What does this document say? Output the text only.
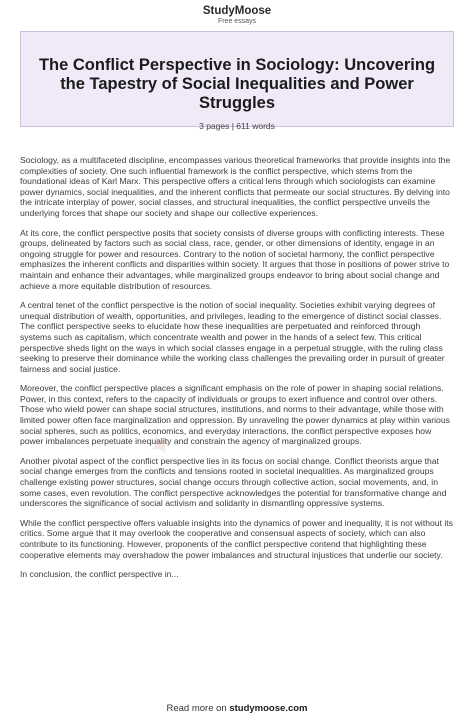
StudyMoose
Free essays
The Conflict Perspective in Sociology: Uncovering the Tapestry of Social Inequalities and Power Struggles
3 pages | 611 words

Sociology, as a multifaceted discipline, encompasses various theoretical frameworks that provide insights into the complexities of society. One such influential framework is the conflict perspective, which stems from the foundational ideas of Karl Marx. This perspective offers a critical lens through which sociologists can examine power dynamics, social inequalities, and the inherent conflicts that permeate our social structures. By delving into the intricate interplay of power, social classes, and structural inequalities, the conflict perspective unveils the underlying forces that shape our society and shape our collective experiences.

At its core, the conflict perspective posits that society consists of diverse groups with conflicting interests. These groups, delineated by factors such as social class, race, gender, or other dimensions of identity, engage in an ongoing struggle for power and resources. Contrary to the notion of societal harmony, the conflict perspective emphasizes the inherent conflicts and disparities within society. It argues that those in positions of power strive to maintain and enhance their advantages, while marginalized groups endeavor to bring about social change and achieve a more equitable distribution of resources.

A central tenet of the conflict perspective is the notion of social inequality. Societies exhibit varying degrees of unequal distribution of wealth, opportunities, and privileges, leading to the emergence of distinct social classes. The conflict perspective seeks to elucidate how these inequalities are perpetuated and reinforced through systems such as capitalism, which concentrate wealth and power in the hands of a select few. This critical perspective sheds light on the ways in which social classes engage in a perpetual struggle, with the ruling class seeking to preserve their dominance while the working class challenges the prevailing order in pursuit of greater fairness and social justice.

Moreover, the conflict perspective places a significant emphasis on the role of power in shaping social relations. Power, in this context, refers to the capacity of individuals or groups to exert influence and control over others. Those who wield power can shape social structures, institutions, and norms to their advantage, while those with limited power often face marginalization and oppression. By unraveling the power dynamics at play within various social spheres, such as politics, economics, and everyday interactions, the conflict perspective exposes how power imbalances perpetuate inequality and constrain the agency of marginalized groups.

Another pivotal aspect of the conflict perspective lies in its focus on social change. Conflict theorists argue that social change emerges from the conflicts and tensions rooted in societal inequalities. As marginalized groups challenge existing power structures, social change occurs through collective action, social movements, and, in some cases, even revolution. The conflict perspective acknowledges the potential for transformative change and underscores the significance of social activism and solidarity in dismantling oppressive systems.

While the conflict perspective offers valuable insights into the dynamics of power and inequality, it is not without its critics. Some argue that it may overlook the cooperative and consensual aspects of society, which can also contribute to its functioning. However, proponents of the conflict perspective contend that highlighting these cooperative elements may overshadow the power imbalances and structural injustices that underlie our society.

In conclusion, the conflict perspective in...

✦
Read more on studymoose.com
